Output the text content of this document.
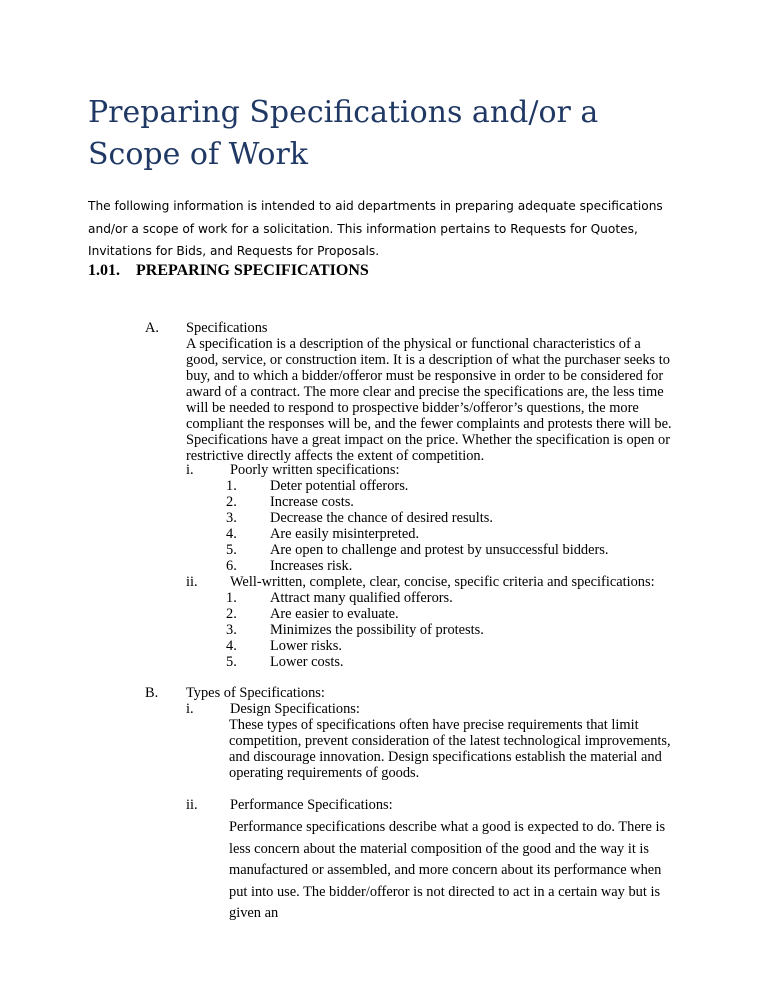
Preparing Specifications and/or a Scope of Work

The following information is intended to aid departments in preparing adequate specifications and/or a scope of work for a solicitation. This information pertains to Requests for Quotes, Invitations for Bids, and Requests for Proposals.

1.01. PREPARING SPECIFICATIONS
A. Specifications

A specification is a description of the physical or functional characteristics of a good, service, or construction item. It is a description of what the purchaser seeks to buy, and to which a bidder/offeror must be responsive in order to be considered for award of a contract. The more clear and precise the specifications are, the less time will be needed to respond to prospective bidder’s/offeror’s questions, the more compliant the responses will be, and the fewer complaints and protests there will be. Specifications have a great impact on the price. Whether the specification is open or restrictive directly affects the extent of competition.

i.	Poorly written specifications:
1. Deter potential offerors.
2. Increase costs.
3. Decrease the chance of desired results.
4. Are easily misinterpreted.
5. Are open to challenge and protest by unsuccessful bidders.
6. Increases risk.
ii. Well-written, complete, clear, concise, specific criteria and specifications:
1. Attract many qualified offerors.
2. Are easier to evaluate.
3. Minimizes the possibility of protests.
4. Lower risks.
5. Lower costs.
B. Types of Specifications:
i.	Design Specifications:
These types of specifications often have precise requirements that limit competition, prevent consideration of the latest technological improvements, and discourage innovation. Design specifications establish the material and operating requirements of goods.
ii. Performance Specifications:
Performance specifications describe what a good is expected to do. There is less concern about the material composition of the good and the way it is manufactured or assembled, and more concern about its performance when put into use. The bidder/offeror is not directed to act in a certain way but is given an
